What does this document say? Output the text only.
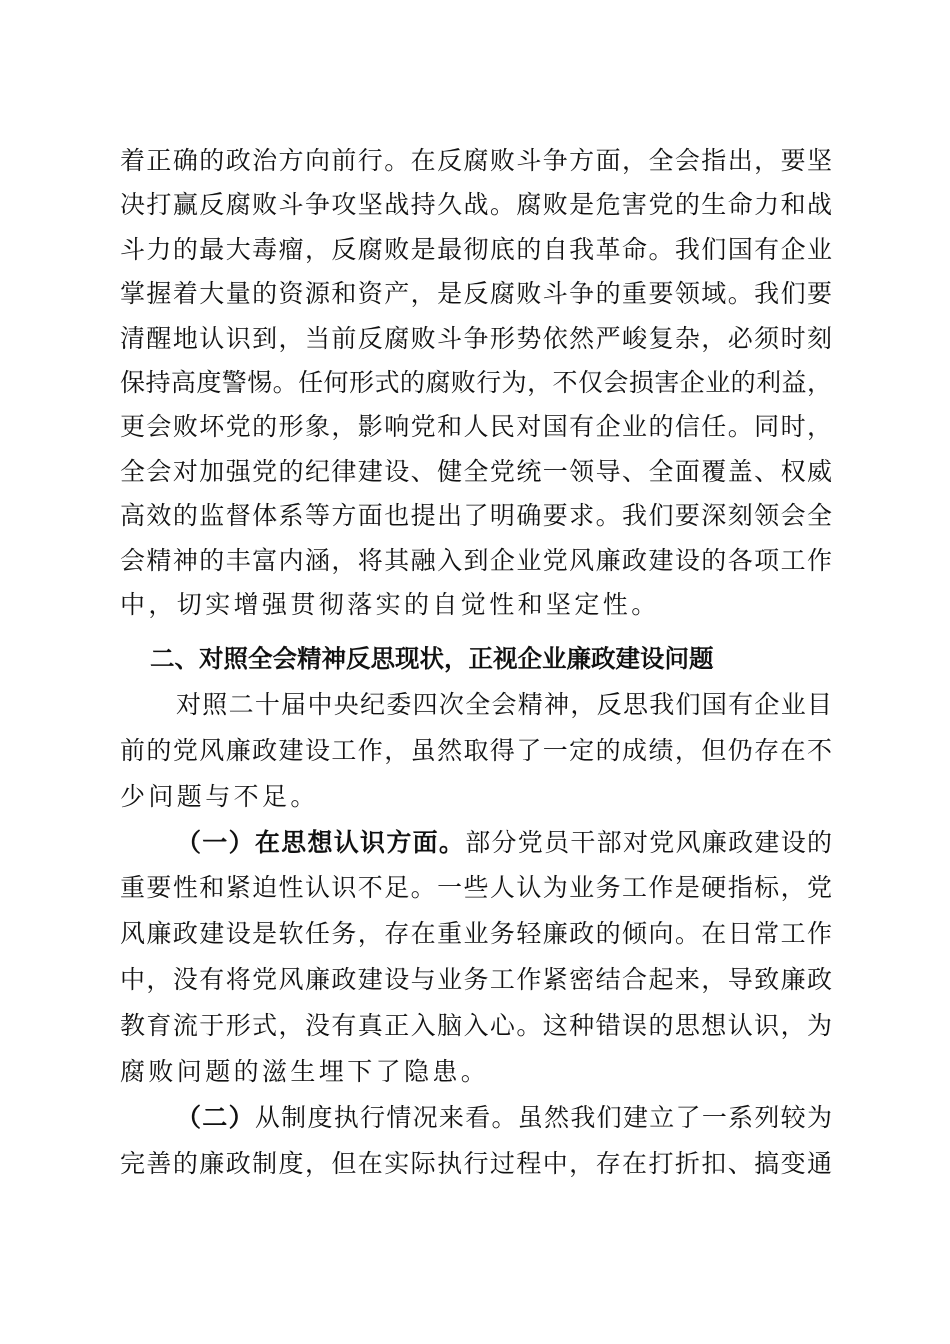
着正确的政治方向前行。在反腐败斗争方面，全会指出，要坚
决打赢反腐败斗争攻坚战持久战。腐败是危害党的生命力和战
斗力的最大毒瘤，反腐败是最彻底的自我革命。我们国有企业
掌握着大量的资源和资产，是反腐败斗争的重要领域。我们要
清醒地认识到，当前反腐败斗争形势依然严峻复杂，必须时刻
保持高度警惕。任何形式的腐败行为，不仅会损害企业的利益，
更会败坏党的形象，影响党和人民对国有企业的信任。同时，
全会对加强党的纪律建设、健全党统一领导、全面覆盖、权威
高效的监督体系等方面也提出了明确要求。我们要深刻领会全
会精神的丰富内涵，将其融入到企业党风廉政建设的各项工作
中，切实增强贯彻落实的自觉性和坚定性。
二、对照全会精神反思现状，正视企业廉政建设问题
对照二十届中央纪委四次全会精神，反思我们国有企业目
前的党风廉政建设工作，虽然取得了一定的成绩，但仍存在不
少问题与不足。
（一）在思想认识方面。部分党员干部对党风廉政建设的
重要性和紧迫性认识不足。一些人认为业务工作是硬指标，党
风廉政建设是软任务，存在重业务轻廉政的倾向。在日常工作
中，没有将党风廉政建设与业务工作紧密结合起来，导致廉政
教育流于形式，没有真正入脑入心。这种错误的思想认识，为
腐败问题的滋生埋下了隐患。
（二）从制度执行情况来看。虽然我们建立了一系列较为
完善的廉政制度，但在实际执行过程中，存在打折扣、搞变通
